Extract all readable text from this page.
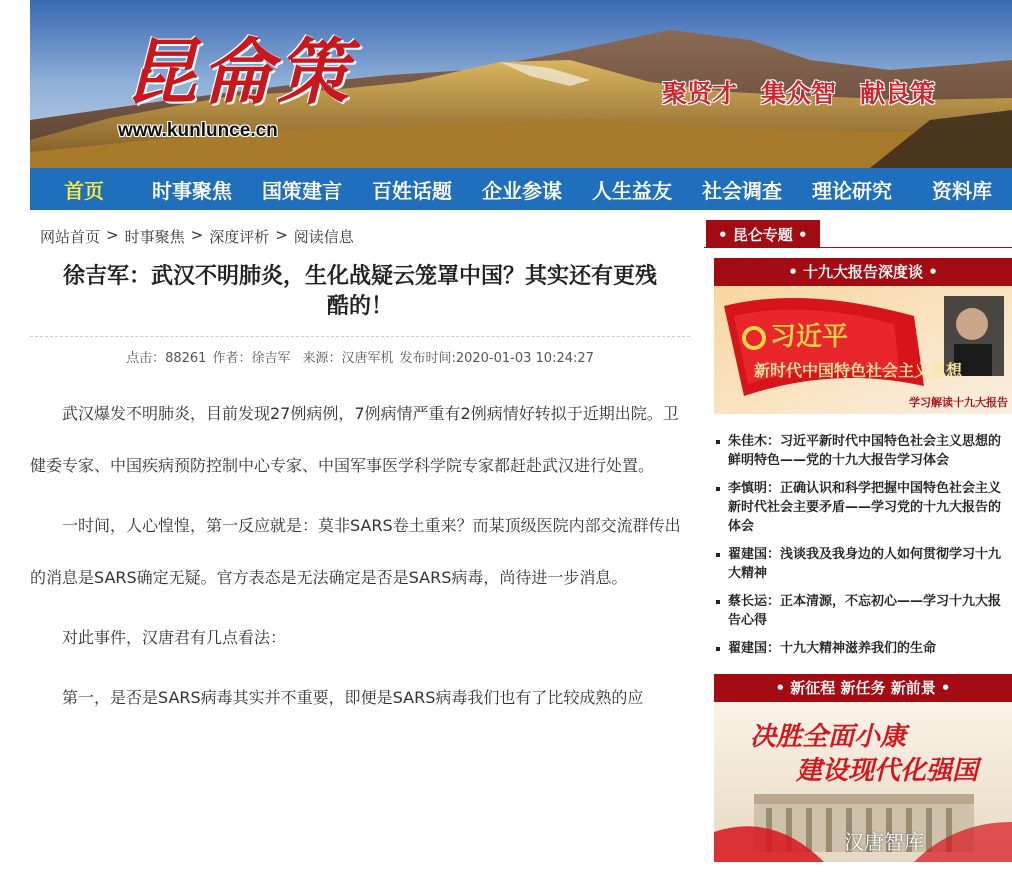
昆侖策
www.kunlunce.cn
聚贤才 集众智 献良策
首页 时事聚焦 国策建言 百姓话题 企业参谋 人生益友 社会调查 理论研究 资料库
网站首页 > 时事聚焦 > 深度评析 > 阅读信息
徐吉军：武汉不明肺炎，生化战疑云笼罩中国？其实还有更残
酷的！
点击：88261 作者：徐吉军 来源：汉唐军机 发布时间:2020-01-03 10:24:27

武汉爆发不明肺炎，目前发现27例病例，7例病情严重有2例病情好转拟于近期出院。卫健委专家、中国疾病预防控制中心专家、中国军事医学科学院专家都赶赴武汉进行处置。

一时间，人心惶惶，第一反应就是：莫非SARS卷土重来？而某顶级医院内部交流群传出的消息是SARS确定无疑。官方表态是无法确定是否是SARS病毒，尚待进一步消息。

对此事件，汉唐君有几点看法：

第一，是否是SARS病毒其实并不重要，即便是SARS病毒我们也有了比较成熟的应

• 昆仑专题 •
• 十九大报告深度谈 •
习近平
新时代中国特色社会主义思想
学习解读十九大报告
朱佳木：习近平新时代中国特色社会主义思想的鲜明特色——党的十九大报告学习体会
李慎明：正确认识和科学把握中国特色社会主义新时代社会主要矛盾——学习党的十九大报告的体会
翟建国：浅谈我及我身边的人如何贯彻学习十九大精神
蔡长运：正本清源，不忘初心——学习十九大报告心得
翟建国：十九大精神滋养我们的生命
• 新征程 新任务 新前景 •
决胜全面小康
建设现代化强国
汉唐智库
